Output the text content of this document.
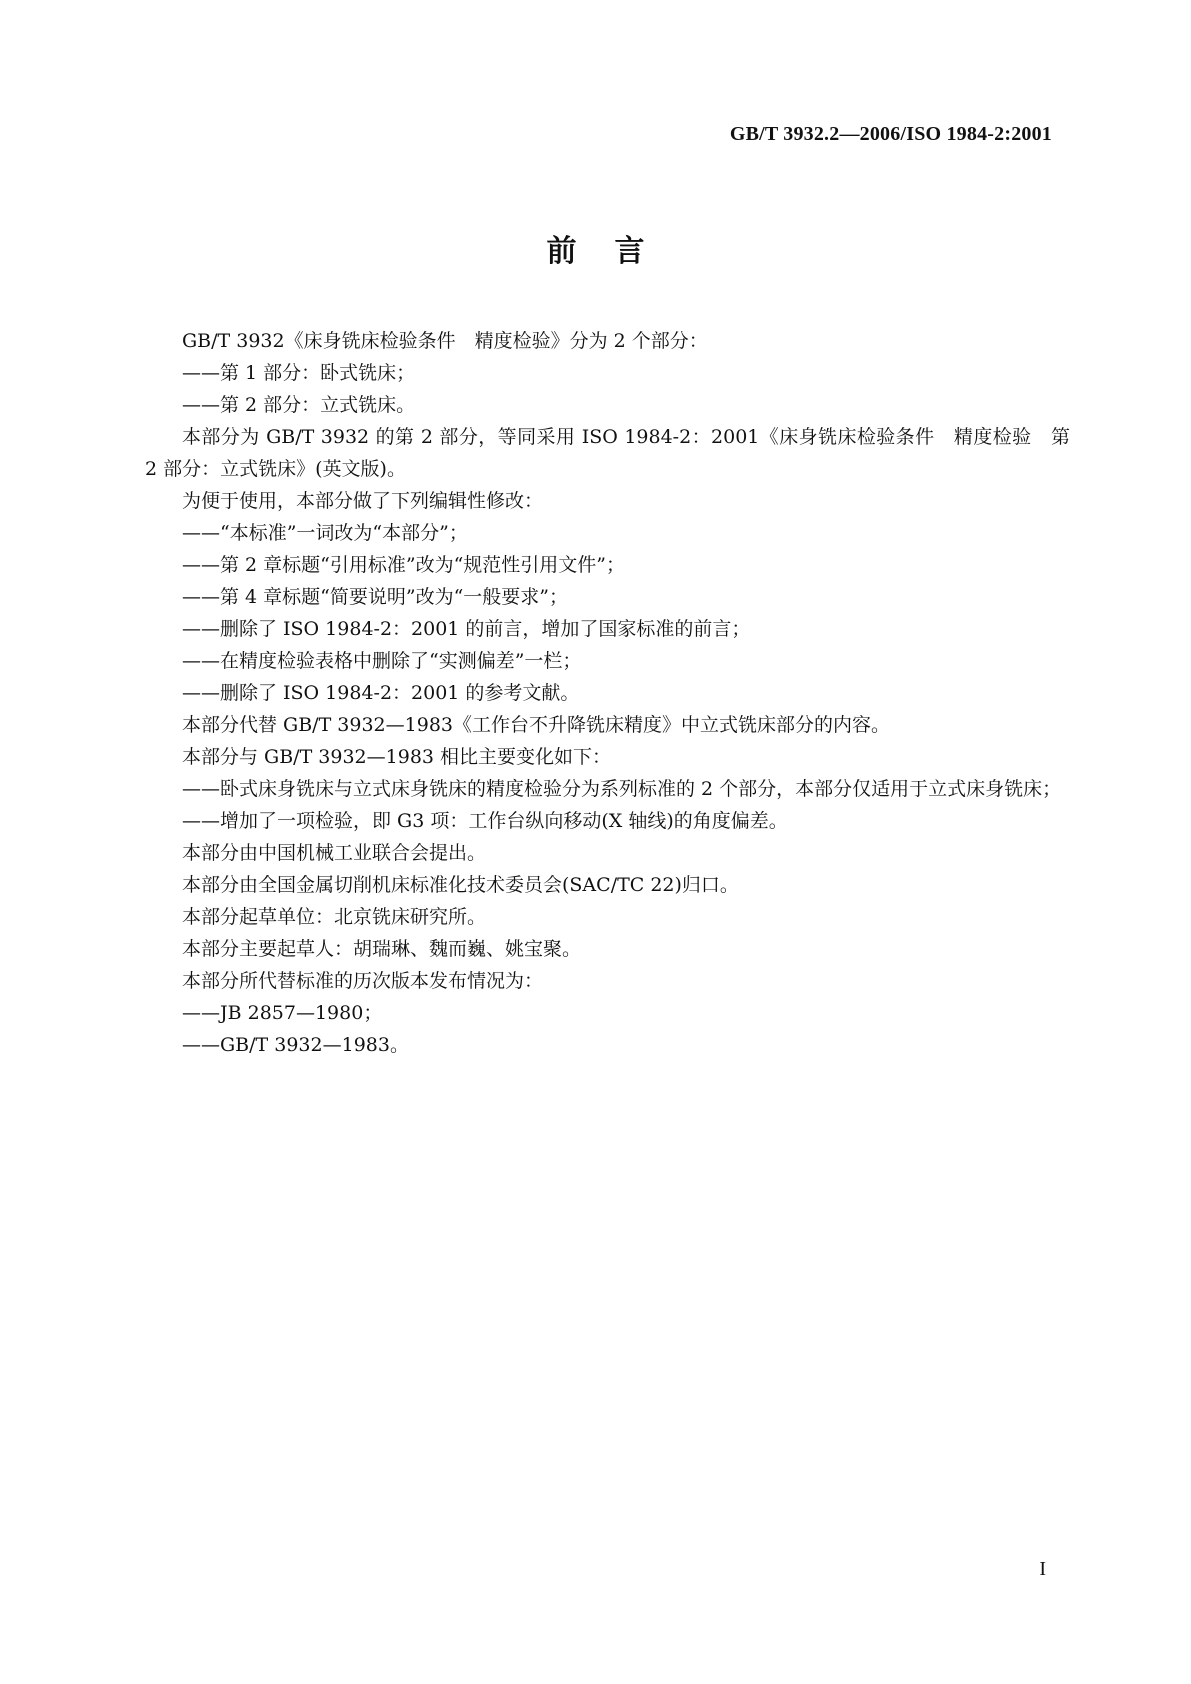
GB/T 3932.2—2006/ISO 1984-2:2001
前言

GB/T 3932《床身铣床检验条件　精度检验》分为 2 个部分：

——第 1 部分：卧式铣床；

——第 2 部分：立式铣床。

本部分为 GB/T 3932 的第 2 部分，等同采用 ISO 1984-2：2001《床身铣床检验条件　精度检验　第 2 部分：立式铣床》(英文版)。

为便于使用，本部分做了下列编辑性修改：

——“本标准”一词改为“本部分”；

——第 2 章标题“引用标准”改为“规范性引用文件”；

——第 4 章标题“简要说明”改为“一般要求”；

——删除了 ISO 1984-2：2001 的前言，增加了国家标准的前言；

——在精度检验表格中删除了“实测偏差”一栏；

——删除了 ISO 1984-2：2001 的参考文献。

本部分代替 GB/T 3932—1983《工作台不升降铣床精度》中立式铣床部分的内容。

本部分与 GB/T 3932—1983 相比主要变化如下：

——卧式床身铣床与立式床身铣床的精度检验分为系列标准的 2 个部分，本部分仅适用于立式床身铣床；

——增加了一项检验，即 G3 项：工作台纵向移动(X 轴线)的角度偏差。

本部分由中国机械工业联合会提出。

本部分由全国金属切削机床标准化技术委员会(SAC/TC 22)归口。

本部分起草单位：北京铣床研究所。

本部分主要起草人：胡瑞琳、魏而巍、姚宝聚。

本部分所代替标准的历次版本发布情况为：

——JB 2857—1980；

——GB/T 3932—1983。

I
